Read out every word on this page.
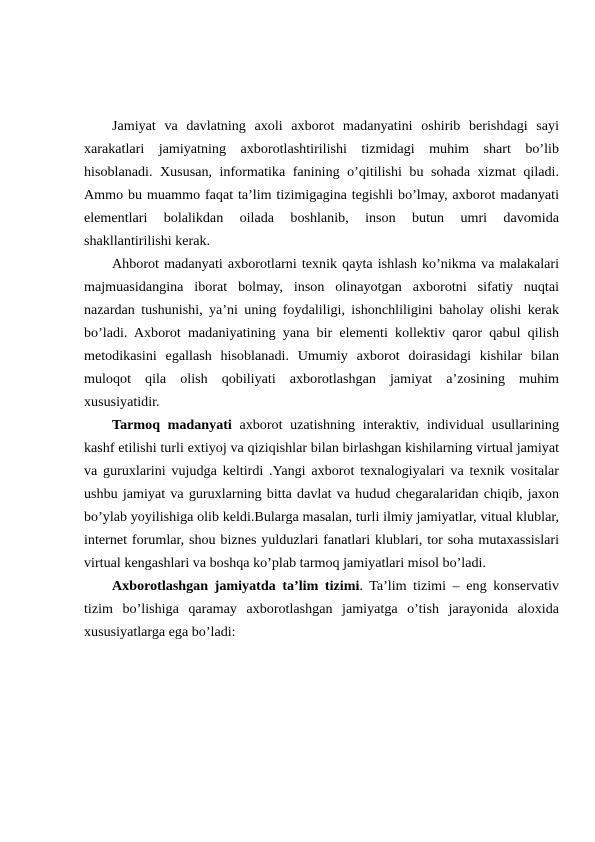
Jamiyat va davlatning axoli axborot madanyatini oshirib berishdagi sayi xarakatlari jamiyatning axborotlashtirilishi tizmidagi muhim shart bo’lib hisoblanadi. Xususan, informatika fanining o’qitilishi bu sohada xizmat qiladi. Ammo bu muammo faqat ta’lim tizimigagina tegishli bo’lmay, axborot madanyati elementlari bolalikdan oilada boshlanib, inson butun umri davomida shakllantirilishi kerak.

Ahborot madanyati axborotlarni texnik qayta ishlash ko’nikma va malakalari majmuasidangina iborat bolmay, inson olinayotgan axborotni sifatiy nuqtai nazardan tushunishi, ya’ni uning foydaliligi, ishonchliligini baholay olishi kerak bo’ladi. Axborot madaniyatining yana bir elementi kollektiv qaror qabul qilish metodikasini egallash hisoblanadi. Umumiy axborot doirasidagi kishilar bilan muloqot qila olish qobiliyati axborotlashgan jamiyat a’zosining muhim xususiyatidir.

Tarmoq madanyati axborot uzatishning interaktiv, individual usullarining kashf etilishi turli extiyoj va qiziqishlar bilan birlashgan kishilarning virtual jamiyat va guruxlarini vujudga keltirdi .Yangi axborot texnalogiyalari va texnik vositalar ushbu jamiyat va guruxlarning bitta davlat va hudud chegaralaridan chiqib, jaxon bo’ylab yoyilishiga olib keldi.Bularga masalan, turli ilmiy jamiyatlar, vitual klublar, internet forumlar, shou biznes yulduzlari fanatlari klublari, tor soha mutaxassislari virtual kengashlari va boshqa ko’plab tarmoq jamiyatlari misol bo’ladi.

Axborotlashgan jamiyatda ta’lim tizimi. Ta’lim tizimi – eng konservativ tizim bo’lishiga qaramay axborotlashgan jamiyatga o’tish jarayonida aloxida xususiyatlarga ega bo’ladi:
